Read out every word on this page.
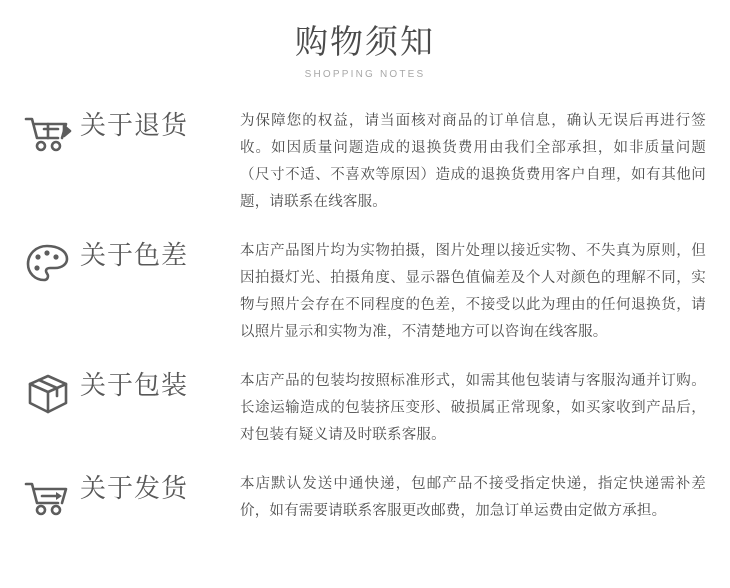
购物须知
SHOPPING NOTES
关于退货	为保障您的权益，请当面核对商品的订单信息，确认无误后再进行签收。如因质量问题造成的退换货费用由我们全部承担，如非质量问题（尺寸不适、不喜欢等原因）造成的退换货费用客户自理，如有其他问题，请联系在线客服。
关于色差	本店产品图片均为实物拍摄，图片处理以接近实物、不失真为原则，但因拍摄灯光、拍摄角度、显示器色值偏差及个人对颜色的理解不同，实物与照片会存在不同程度的色差，不接受以此为理由的任何退换货，请以照片显示和实物为准，不清楚地方可以咨询在线客服。
关于包装	本店产品的包装均按照标准形式，如需其他包装请与客服沟通并订购。长途运输造成的包装挤压变形、破损属正常现象，如买家收到产品后，对包装有疑义请及时联系客服。
关于发货	本店默认发送中通快递，包邮产品不接受指定快递，指定快递需补差价，如有需要请联系客服更改邮费，加急订单运费由定做方承担。
